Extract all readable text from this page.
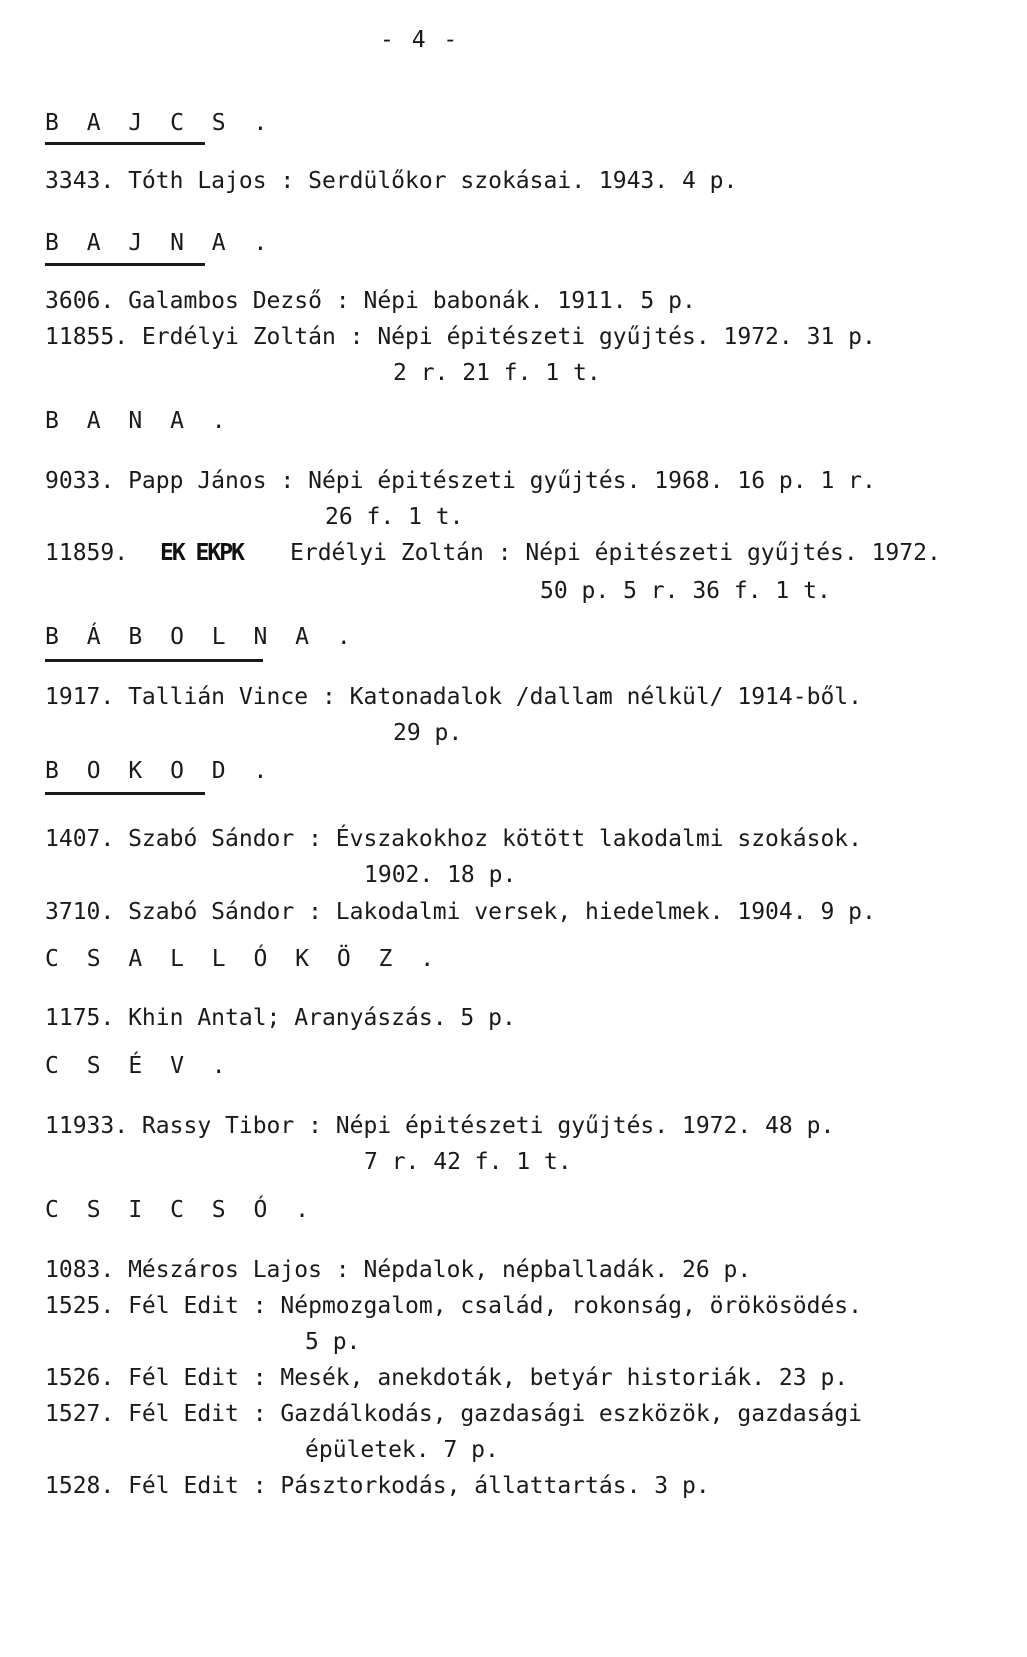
- 4 -
B A J C S .
3343. Tóth Lajos : Serdülőkor szokásai. 1943. 4 p.
B A J N A .
3606. Galambos Dezső : Népi babonák. 1911. 5 p.
11855. Erdélyi Zoltán : Népi épitészeti gyűjtés. 1972. 31 p.
2 r. 21 f. 1 t.
B A N A .
9033. Papp János : Népi épitészeti gyűjtés. 1968. 16 p. 1 r.
26 f. 1 t.
11859. EK EKPK Erdélyi Zoltán : Népi épitészeti gyűjtés. 1972.
50 p. 5 r. 36 f. 1 t.
B Á B O L N A .
1917. Tallián Vince : Katonadalok /dallam nélkül/ 1914-ből.
29 p.
B O K O D .
1407. Szabó Sándor : Évszakokhoz kötött lakodalmi szokások.
1902. 18 p.
3710. Szabó Sándor : Lakodalmi versek, hiedelmek. 1904. 9 p.
C S A L L Ó K Ö Z .
1175. Khin Antal; Aranyászás. 5 p.
C S É V .
11933. Rassy Tibor : Népi épitészeti gyűjtés. 1972. 48 p.
7 r. 42 f. 1 t.
C S I C S Ó .
1083. Mészáros Lajos : Népdalok, népballadák. 26 p.
1525. Fél Edit : Népmozgalom, család, rokonság, örökösödés.
5 p.
1526. Fél Edit : Mesék, anekdoták, betyár historiák. 23 p.
1527. Fél Edit : Gazdálkodás, gazdasági eszközök, gazdasági
épületek. 7 p.
1528. Fél Edit : Pásztorkodás, állattartás. 3 p.
